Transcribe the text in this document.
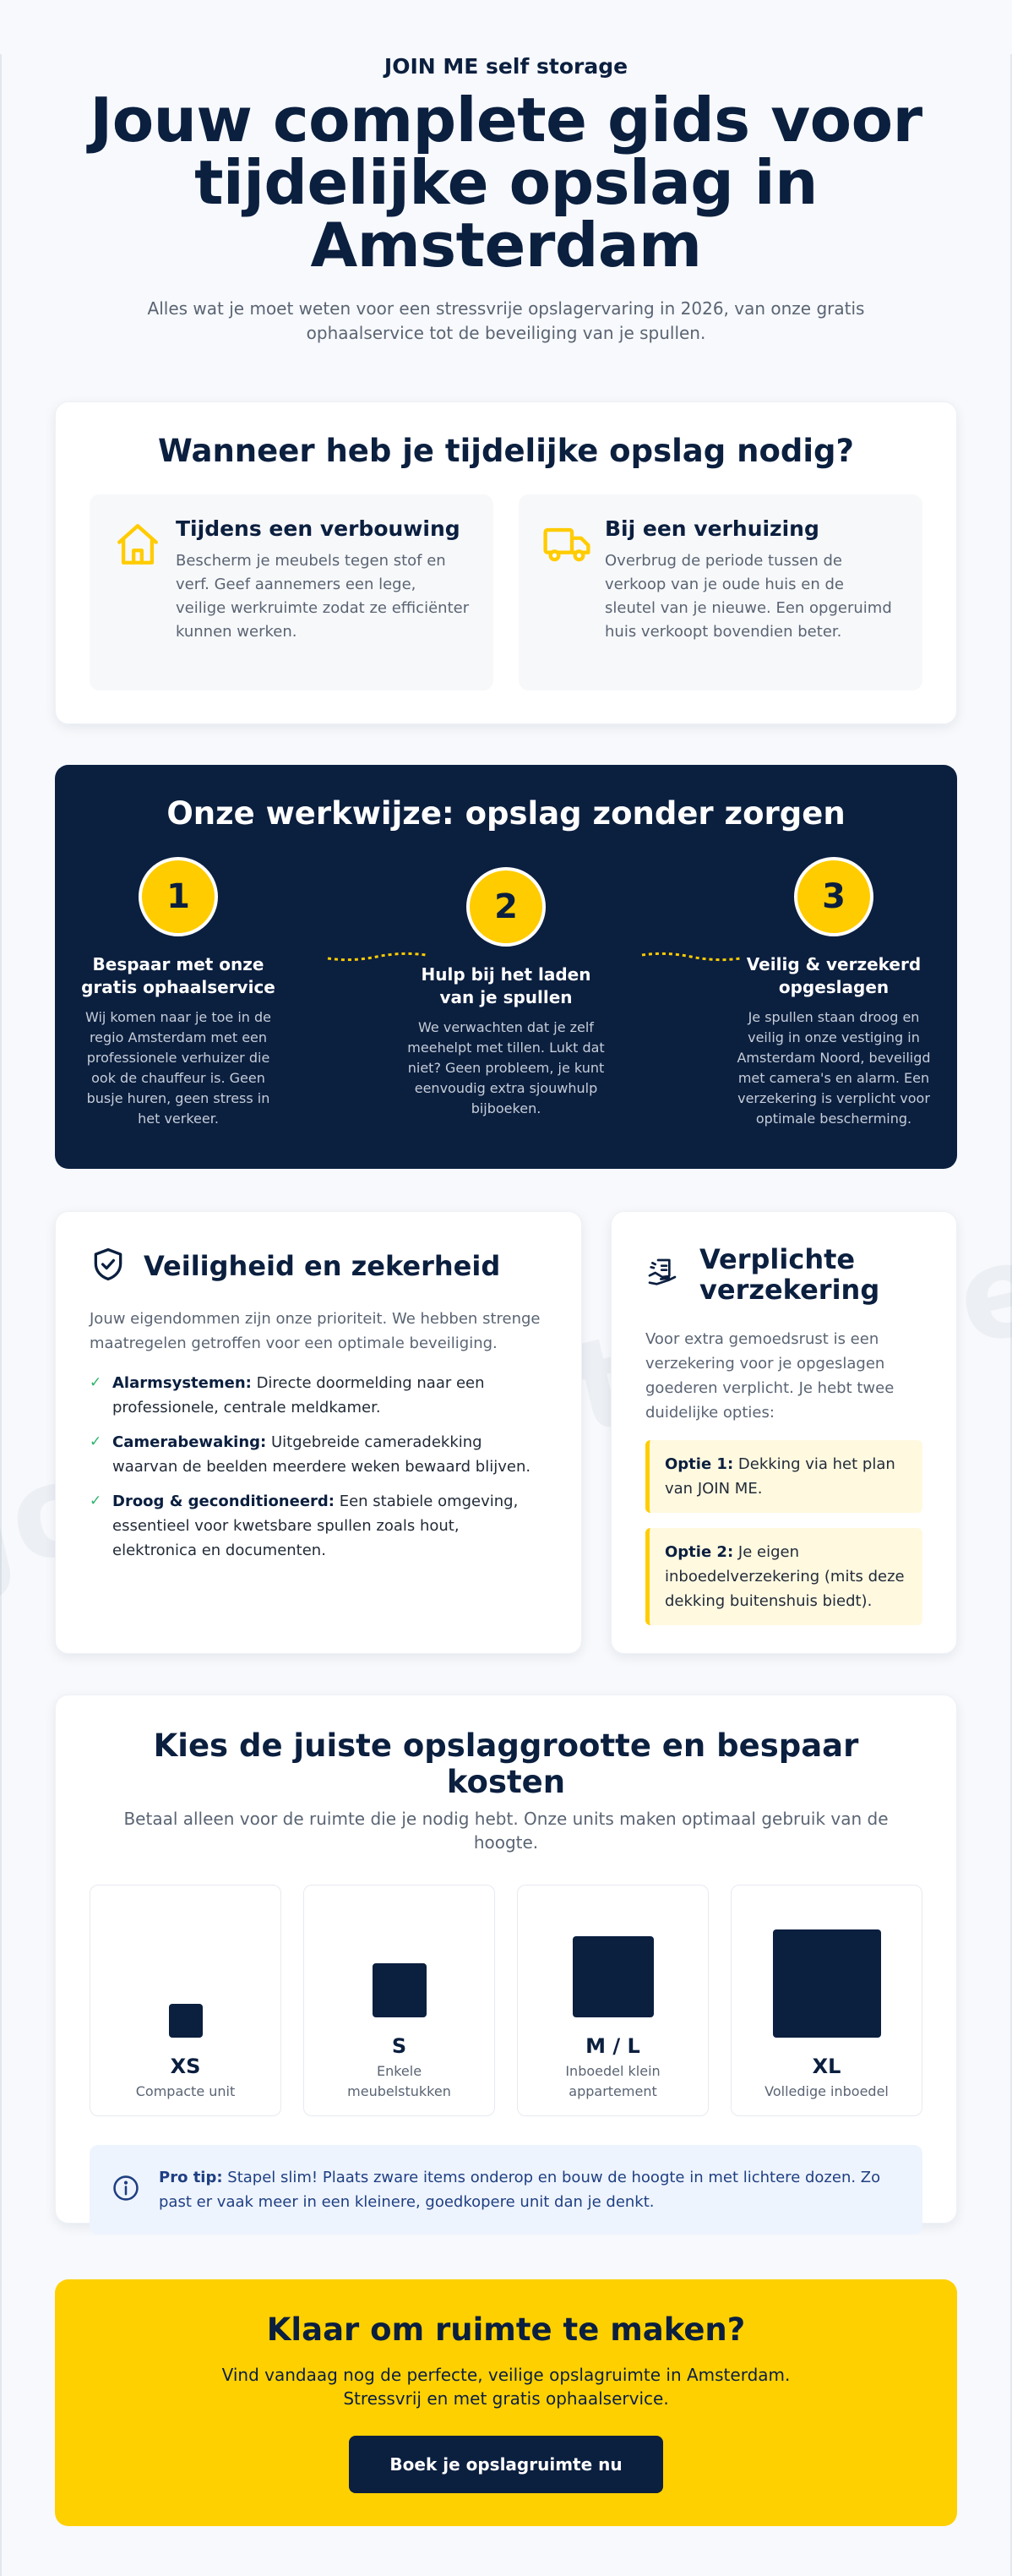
JOIN ME self storage
Jouw complete gids voor tijdelijke opslag in Amsterdam

Alles wat je moet weten voor een stressvrije opslagervaring in 2026, van onze gratis ophaalservice tot de beveiliging van je spullen.

Wanneer heb je tijdelijke opslag nodig?
Tijdens een verbouwing
Bescherm je meubels tegen stof en verf. Geef aannemers een lege, veilige werkruimte zodat ze efficiënter kunnen werken.
Bij een verhuizing
Overbrug de periode tussen de verkoop van je oude huis en de sleutel van je nieuwe. Een opgeruimd huis verkoopt bovendien beter.
Onze werkwijze: opslag zonder zorgen
1
Bespaar met onze gratis ophaalservice
Wij komen naar je toe in de regio Amsterdam met een professionele verhuizer die ook de chauffeur is. Geen busje huren, geen stress in het verkeer.
2
Hulp bij het laden van je spullen
We verwachten dat je zelf meehelpt met tillen. Lukt dat niet? Geen probleem, je kunt eenvoudig extra sjouwhulp bijboeken.
3
Veilig & verzekerd opgeslagen
Je spullen staan droog en veilig in onze vestiging in Amsterdam Noord, beveiligd met camera's en alarm. Een verzekering is verplicht voor optimale bescherming.
Veiligheid en zekerheid

Jouw eigendommen zijn onze prioriteit. We hebben strenge maatregelen getroffen voor een optimale beveiliging.

✓ Alarmsystemen: Directe doormelding naar een professionele, centrale meldkamer.
✓ Camerabewaking: Uitgebreide cameradekking waarvan de beelden meerdere weken bewaard blijven.
✓ Droog & geconditioneerd: Een stabiele omgeving, essentieel voor kwetsbare spullen zoals hout, elektronica en documenten.
Verplichte verzekering

Voor extra gemoedsrust is een verzekering voor je opgeslagen goederen verplicht. Je hebt twee duidelijke opties:

Optie 1: Dekking via het plan van JOIN ME.
Optie 2: Je eigen inboedelverzekering (mits deze dekking buitenshuis biedt).
Kies de juiste opslaggrootte en bespaar kosten

Betaal alleen voor de ruimte die je nodig hebt. Onze units maken optimaal gebruik van de hoogte.

XS
Compacte unit
S
Enkele meubelstukken
M / L
Inboedel klein appartement
XL
Volledige inboedel
Pro tip: Stapel slim! Plaats zware items onderop en bouw de hoogte in met lichtere dozen. Zo past er vaak meer in een kleinere, goedkopere unit dan je denkt.
Klaar om ruimte te maken?

Vind vandaag nog de perfecte, veilige opslagruimte in Amsterdam.
Stressvrij en met gratis ophaalservice.

Boek je opslagruimte nu
